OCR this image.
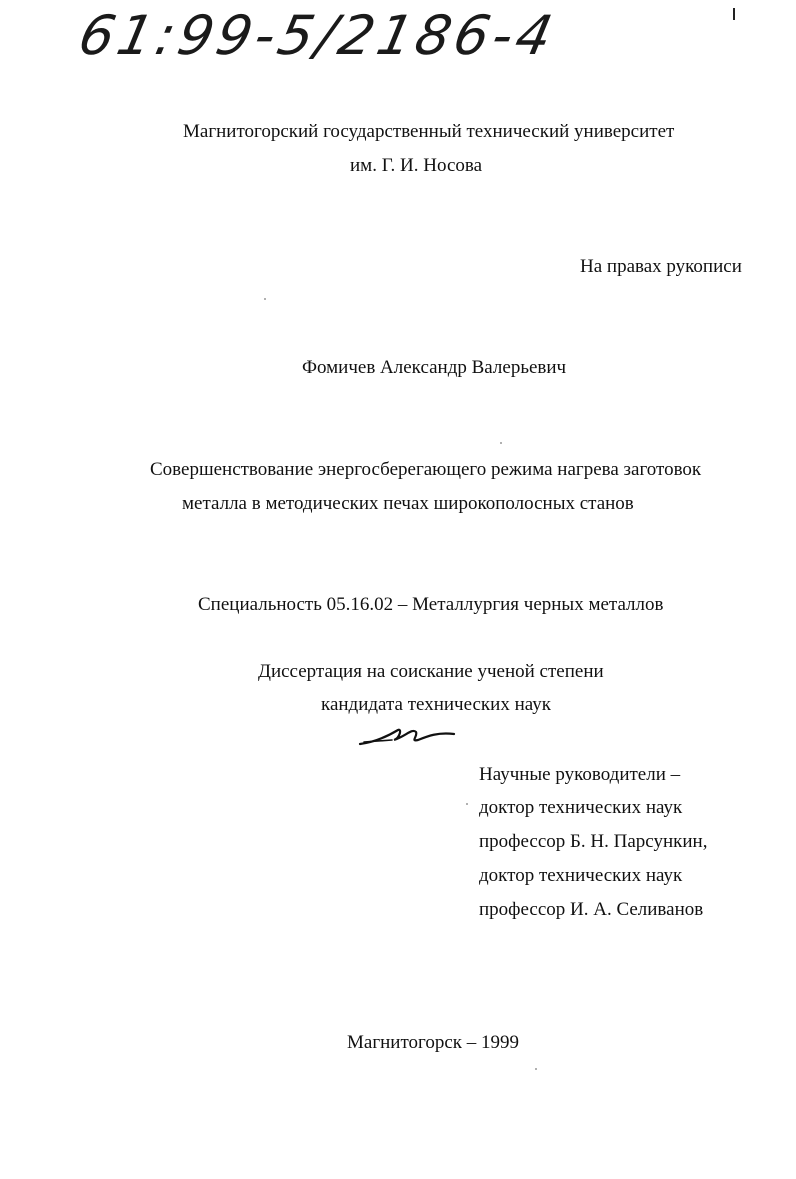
61:99-5/2186-4
Магнитогорский государственный технический университет
им. Г. И. Носова
На правах рукописи
Фомичев Александр Валерьевич
Совершенствование энергосберегающего режима нагрева заготовок
металла в методических печах широкополосных станов
Специальность 05.16.02 – Металлургия черных металлов
Диссертация на соискание ученой степени
кандидата технических наук
Научные руководители –
доктор технических наук
профессор Б. Н. Парсункин,
доктор технических наук
профессор И. А. Селиванов
Магнитогорск – 1999
